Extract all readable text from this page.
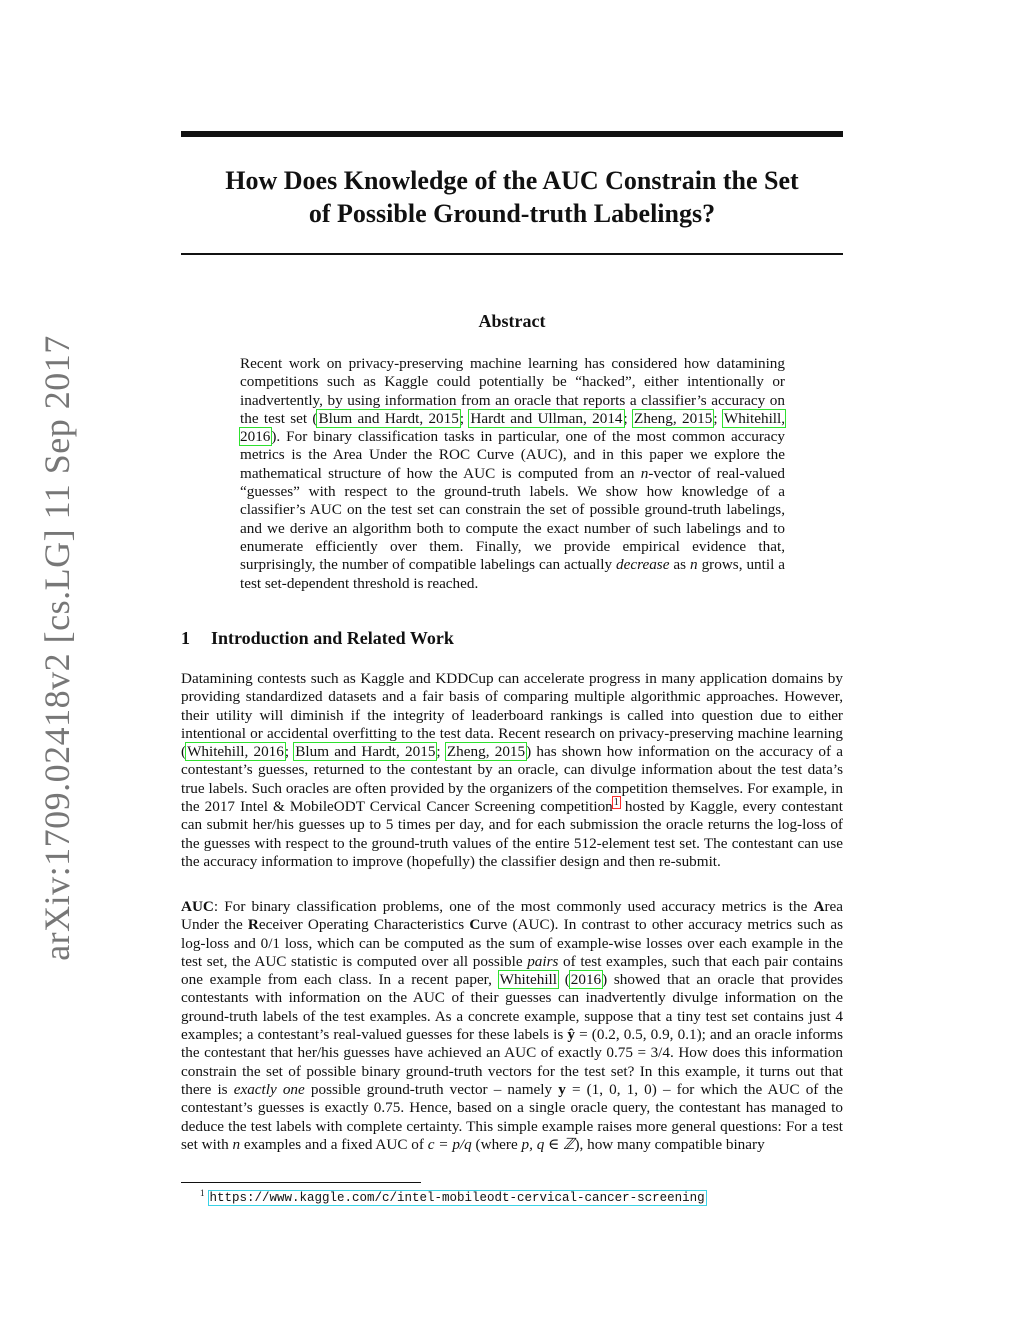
How Does Knowledge of the AUC Constrain the Set
of Possible Ground-truth Labelings?
arXiv:1709.02418v2 [cs.LG] 11 Sep 2017
Abstract

Recent work on privacy-preserving machine learning has considered how datamining competitions such as Kaggle could potentially be “hacked”, either intentionally or inadvertently, by using information from an oracle that reports a classifier’s accuracy on the test set (Blum and Hardt, 2015; Hardt and Ullman, 2014; Zheng, 2015; Whitehill, 2016). For binary classification tasks in particular, one of the most common accuracy metrics is the Area Under the ROC Curve (AUC), and in this paper we explore the mathematical structure of how the AUC is computed from an n-vector of real-valued “guesses” with respect to the ground-truth labels. We show how knowledge of a classifier’s AUC on the test set can constrain the set of possible ground-truth labelings, and we derive an algorithm both to compute the exact number of such labelings and to enumerate efficiently over them. Finally, we provide empirical evidence that, surprisingly, the number of compatible labelings can actually decrease as n grows, until a test set-dependent threshold is reached.

1 Introduction and Related Work

Datamining contests such as Kaggle and KDDCup can accelerate progress in many application domains by providing standardized datasets and a fair basis of comparing multiple algorithmic approaches. However, their utility will diminish if the integrity of leaderboard rankings is called into question due to either intentional or accidental overfitting to the test data. Recent research on privacy-preserving machine learning (Whitehill, 2016; Blum and Hardt, 2015; Zheng, 2015) has shown how information on the accuracy of a contestant’s guesses, returned to the contestant by an oracle, can divulge information about the test data’s true labels. Such oracles are often provided by the organizers of the competition themselves. For example, in the 2017 Intel & MobileODT Cervical Cancer Screening competition$^1$ hosted by Kaggle, every contestant can submit her/his guesses up to 5 times per day, and for each submission the oracle returns the log-loss of the guesses with respect to the ground-truth values of the entire 512-element test set. The contestant can use the accuracy information to improve (hopefully) the classifier design and then re-submit.

AUC: For binary classification problems, one of the most commonly used accuracy metrics is the Area Under the Receiver Operating Characteristics Curve (AUC). In contrast to other accuracy metrics such as log-loss and 0/1 loss, which can be computed as the sum of example-wise losses over each example in the test set, the AUC statistic is computed over all possible pairs of test examples, such that each pair contains one example from each class. In a recent paper, Whitehill (2016) showed that an oracle that provides contestants with information on the AUC of their guesses can inadvertently divulge information on the ground-truth labels of the test examples. As a concrete example, suppose that a tiny test set contains just 4 examples; a contestant’s real-valued guesses for these labels is ŷ = (0.2, 0.5, 0.9, 0.1); and an oracle informs the contestant that her/his guesses have achieved an AUC of exactly 0.75 = 3/4. How does this information constrain the set of possible binary ground-truth vectors for the test set? In this example, it turns out that there is exactly one possible ground-truth vector – namely y = (1, 0, 1, 0) – for which the AUC of the contestant’s guesses is exactly 0.75. Hence, based on a single oracle query, the contestant has managed to deduce the test labels with complete certainty. This simple example raises more general questions: For a test set with n examples and a fixed AUC of c = p/q (where p, q ∈ ℤ), how many compatible binary

$^1$ https://www.kaggle.com/c/intel-mobileodt-cervical-cancer-screening
